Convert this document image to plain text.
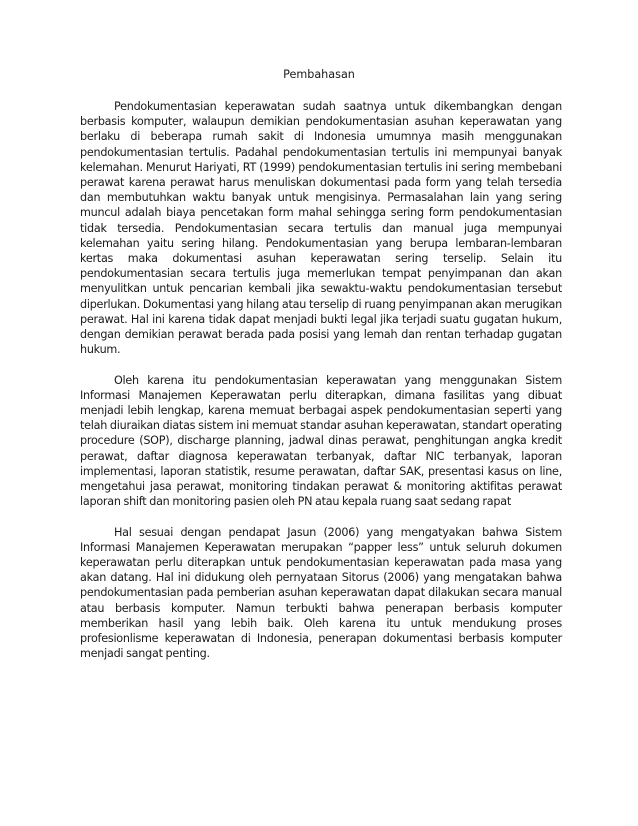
Pembahasan

Pendokumentasian keperawatan sudah saatnya untuk dikembangkan dengan berbasis komputer, walaupun demikian pendokumentasian asuhan keperawatan yang berlaku di beberapa rumah sakit di Indonesia umumnya masih menggunakan pendokumentasian tertulis. Padahal pendokumentasian tertulis ini mempunyai banyak kelemahan. Menurut Hariyati, RT (1999) pendokumentasian tertulis ini sering membebani perawat karena perawat harus menuliskan dokumentasi pada form yang telah tersedia dan membutuhkan waktu banyak untuk mengisinya. Permasalahan lain yang sering muncul adalah biaya pencetakan form mahal sehingga sering form pendokumentasian tidak tersedia. Pendokumentasian secara tertulis dan manual juga mempunyai kelemahan yaitu sering hilang. Pendokumentasian yang berupa lembaran-lembaran kertas maka dokumentasi asuhan keperawatan sering terselip. Selain itu pendokumentasian secara tertulis juga memerlukan tempat penyimpanan dan akan menyulitkan untuk pencarian kembali jika sewaktu-waktu pendokumentasian tersebut diperlukan. Dokumentasi yang hilang atau terselip di ruang penyimpanan akan merugikan perawat. Hal ini karena tidak dapat menjadi bukti legal jika terjadi suatu gugatan hukum, dengan demikian perawat berada pada posisi yang lemah dan rentan terhadap gugatan hukum.

Oleh karena itu pendokumentasian keperawatan yang menggunakan Sistem Informasi Manajemen Keperawatan perlu diterapkan, dimana fasilitas yang dibuat menjadi lebih lengkap, karena memuat berbagai aspek pendokumentasian seperti yang telah diuraikan diatas sistem ini memuat standar asuhan keperawatan, standart operating procedure (SOP), discharge planning, jadwal dinas perawat, penghitungan angka kredit perawat, daftar diagnosa keperawatan terbanyak, daftar NIC terbanyak, laporan implementasi, laporan statistik, resume perawatan, daftar SAK, presentasi kasus on line, mengetahui jasa perawat, monitoring tindakan perawat & monitoring aktifitas perawat laporan shift dan monitoring pasien oleh PN atau kepala ruang saat sedang rapat

Hal sesuai dengan pendapat Jasun (2006) yang mengatyakan bahwa Sistem Informasi Manajemen Keperawatan merupakan “papper less” untuk seluruh dokumen keperawatan perlu diterapkan untuk pendokumentasian keperawatan pada masa yang akan datang. Hal ini didukung oleh pernyataan Sitorus (2006) yang mengatakan bahwa pendokumentasian pada pemberian asuhan keperawatan dapat dilakukan secara manual atau berbasis komputer. Namun terbukti bahwa penerapan berbasis komputer memberikan hasil yang lebih baik. Oleh karena itu untuk mendukung proses profesionlisme keperawatan di Indonesia, penerapan dokumentasi berbasis komputer menjadi sangat penting.
